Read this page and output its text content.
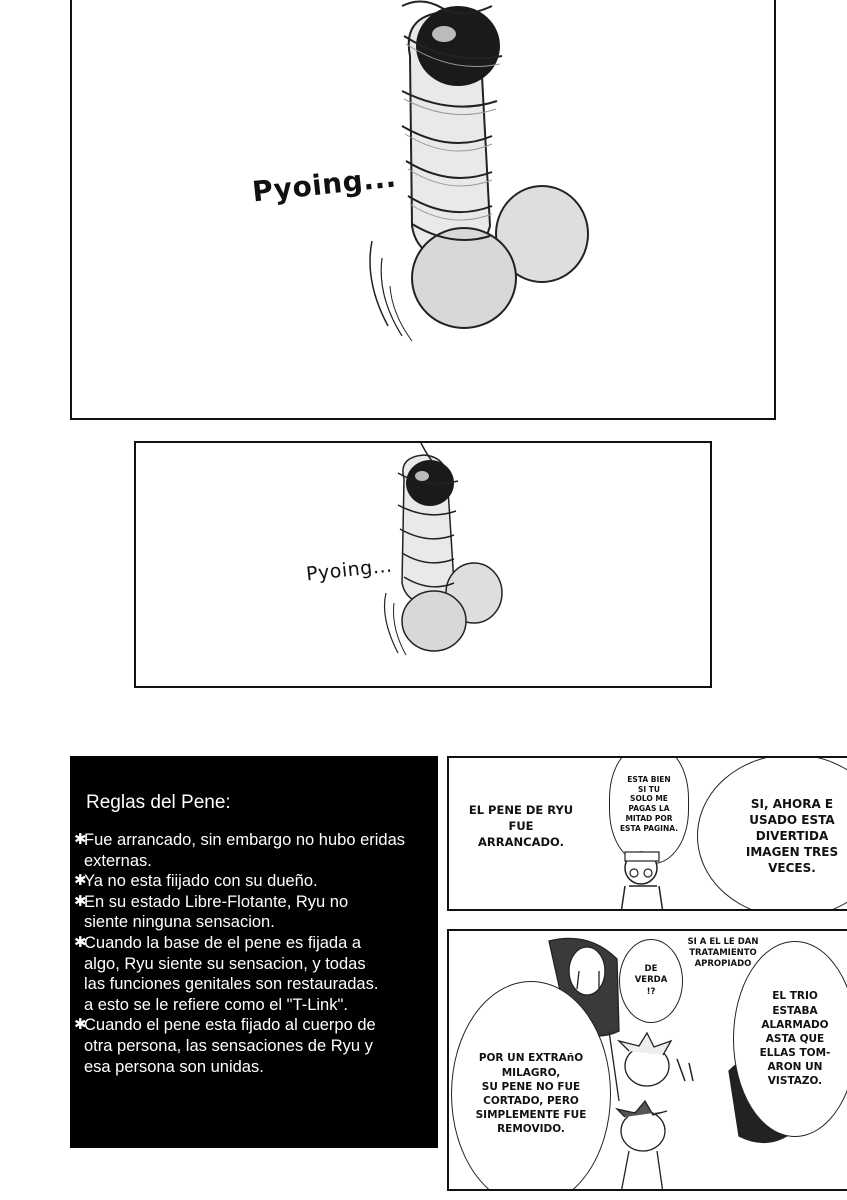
Pyoing...
Pyoing...
Reglas del Pene:
✱
Fue arrancado, sin embargo no hubo eridas
externas.
✱
Ya no esta fiijado con su dueño.
✱
En su estado Libre-Flotante, Ryu no
siente ninguna sensacion.
✱
Cuando la base de el pene es fijada a
algo, Ryu siente su sensacion, y todas
las funciones genitales son restauradas.
a esto se le refiere como el "T-Link".
✱
Cuando el pene esta fijado al cuerpo de
otra persona, las sensaciones de Ryu y
esa persona son unidas.
EL PENE DE RYU
FUE
ARRANCADO.
ESTA BIEN
SI TU
SOLO ME
PAGAS LA
MITAD POR
ESTA PAGINA.
SI, AHORA E
USADO ESTA
DIVERTIDA
IMAGEN TRES
VECES.
DE
VERDA
!?
SI A EL LE DAN
TRATAMIENTO
APROPIADO
POR UN EXTRAñO
MILAGRO,
SU PENE NO FUE
CORTADO, PERO
SIMPLEMENTE FUE
REMOVIDO.
EL TRIO
ESTABA
ALARMADO
ASTA QUE
ELLAS TOM-
ARON UN
VISTAZO.
